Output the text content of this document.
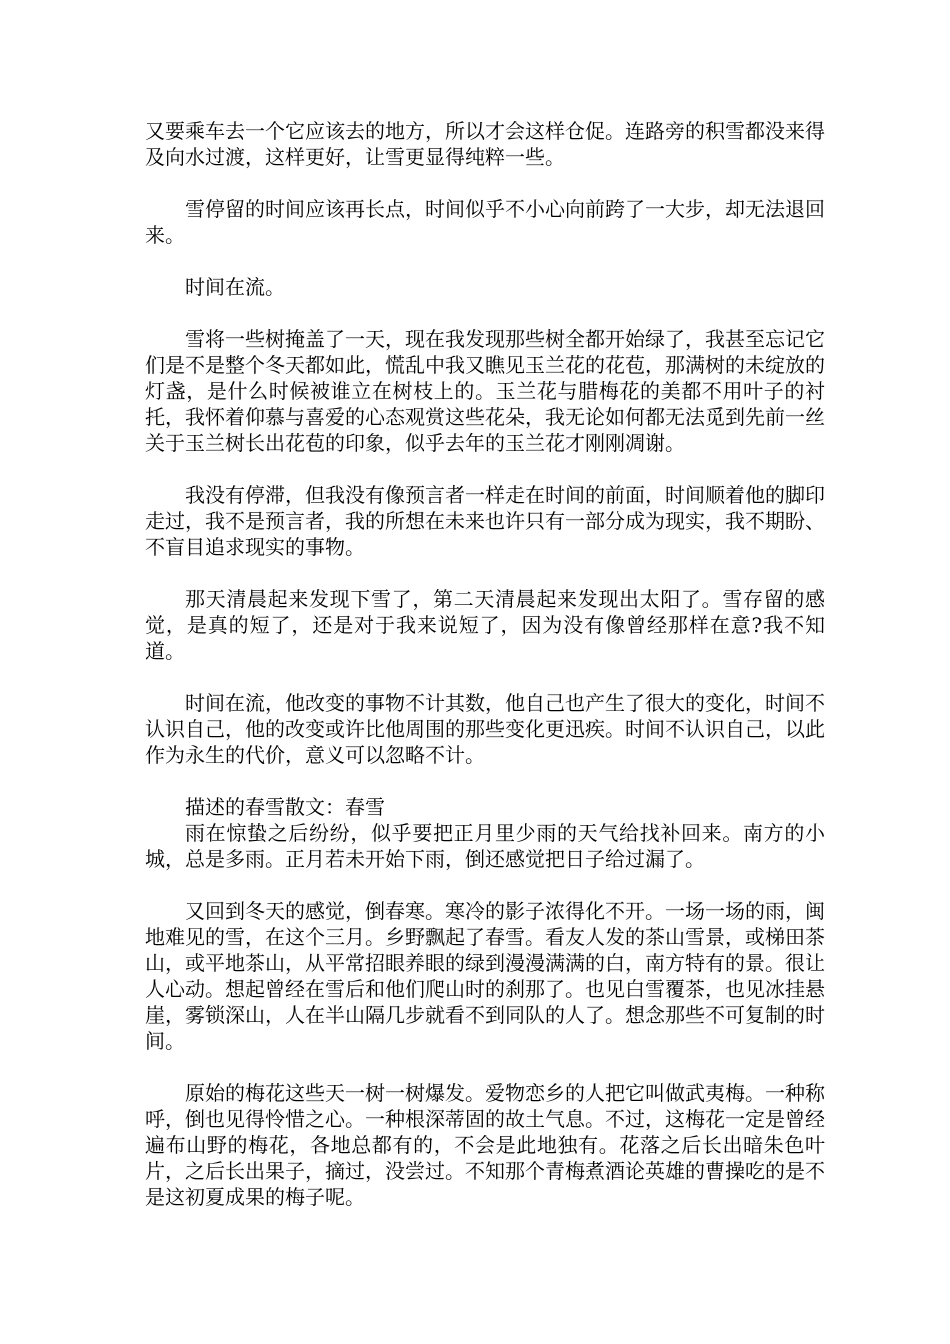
又要乘车去一个它应该去的地方，所以才会这样仓促。连路旁的积雪都没来得及向水过渡，这样更好，让雪更显得纯粹一些。

雪停留的时间应该再长点，时间似乎不小心向前跨了一大步，却无法退回来。

时间在流。

雪将一些树掩盖了一天，现在我发现那些树全都开始绿了，我甚至忘记它们是不是整个冬天都如此，慌乱中我又瞧见玉兰花的花苞，那满树的未绽放的灯盏，是什么时候被谁立在树枝上的。玉兰花与腊梅花的美都不用叶子的衬托，我怀着仰慕与喜爱的心态观赏这些花朵，我无论如何都无法觅到先前一丝关于玉兰树长出花苞的印象，似乎去年的玉兰花才刚刚凋谢。

我没有停滞，但我没有像预言者一样走在时间的前面，时间顺着他的脚印走过，我不是预言者，我的所想在未来也许只有一部分成为现实，我不期盼、不盲目追求现实的事物。

那天清晨起来发现下雪了，第二天清晨起来发现出太阳了。雪存留的感觉，是真的短了，还是对于我来说短了，因为没有像曾经那样在意?我不知道。

时间在流，他改变的事物不计其数，他自己也产生了很大的变化，时间不认识自己，他的改变或许比他周围的那些变化更迅疾。时间不认识自己，以此作为永生的代价，意义可以忽略不计。

描述的春雪散文：春雪

雨在惊蛰之后纷纷，似乎要把正月里少雨的天气给找补回来。南方的小城，总是多雨。正月若未开始下雨，倒还感觉把日子给过漏了。

又回到冬天的感觉，倒春寒。寒冷的影子浓得化不开。一场一场的雨，闽地难见的雪，在这个三月。乡野飘起了春雪。看友人发的茶山雪景，或梯田茶山，或平地茶山，从平常招眼养眼的绿到漫漫满满的白，南方特有的景。很让人心动。想起曾经在雪后和他们爬山时的刹那了。也见白雪覆茶，也见冰挂悬崖，雾锁深山，人在半山隔几步就看不到同队的人了。想念那些不可复制的时间。

原始的梅花这些天一树一树爆发。爱物恋乡的人把它叫做武夷梅。一种称呼，倒也见得怜惜之心。一种根深蒂固的故土气息。不过，这梅花一定是曾经遍布山野的梅花，各地总都有的，不会是此地独有。花落之后长出暗朱色叶片，之后长出果子，摘过，没尝过。不知那个青梅煮酒论英雄的曹操吃的是不是这初夏成果的梅子呢。
